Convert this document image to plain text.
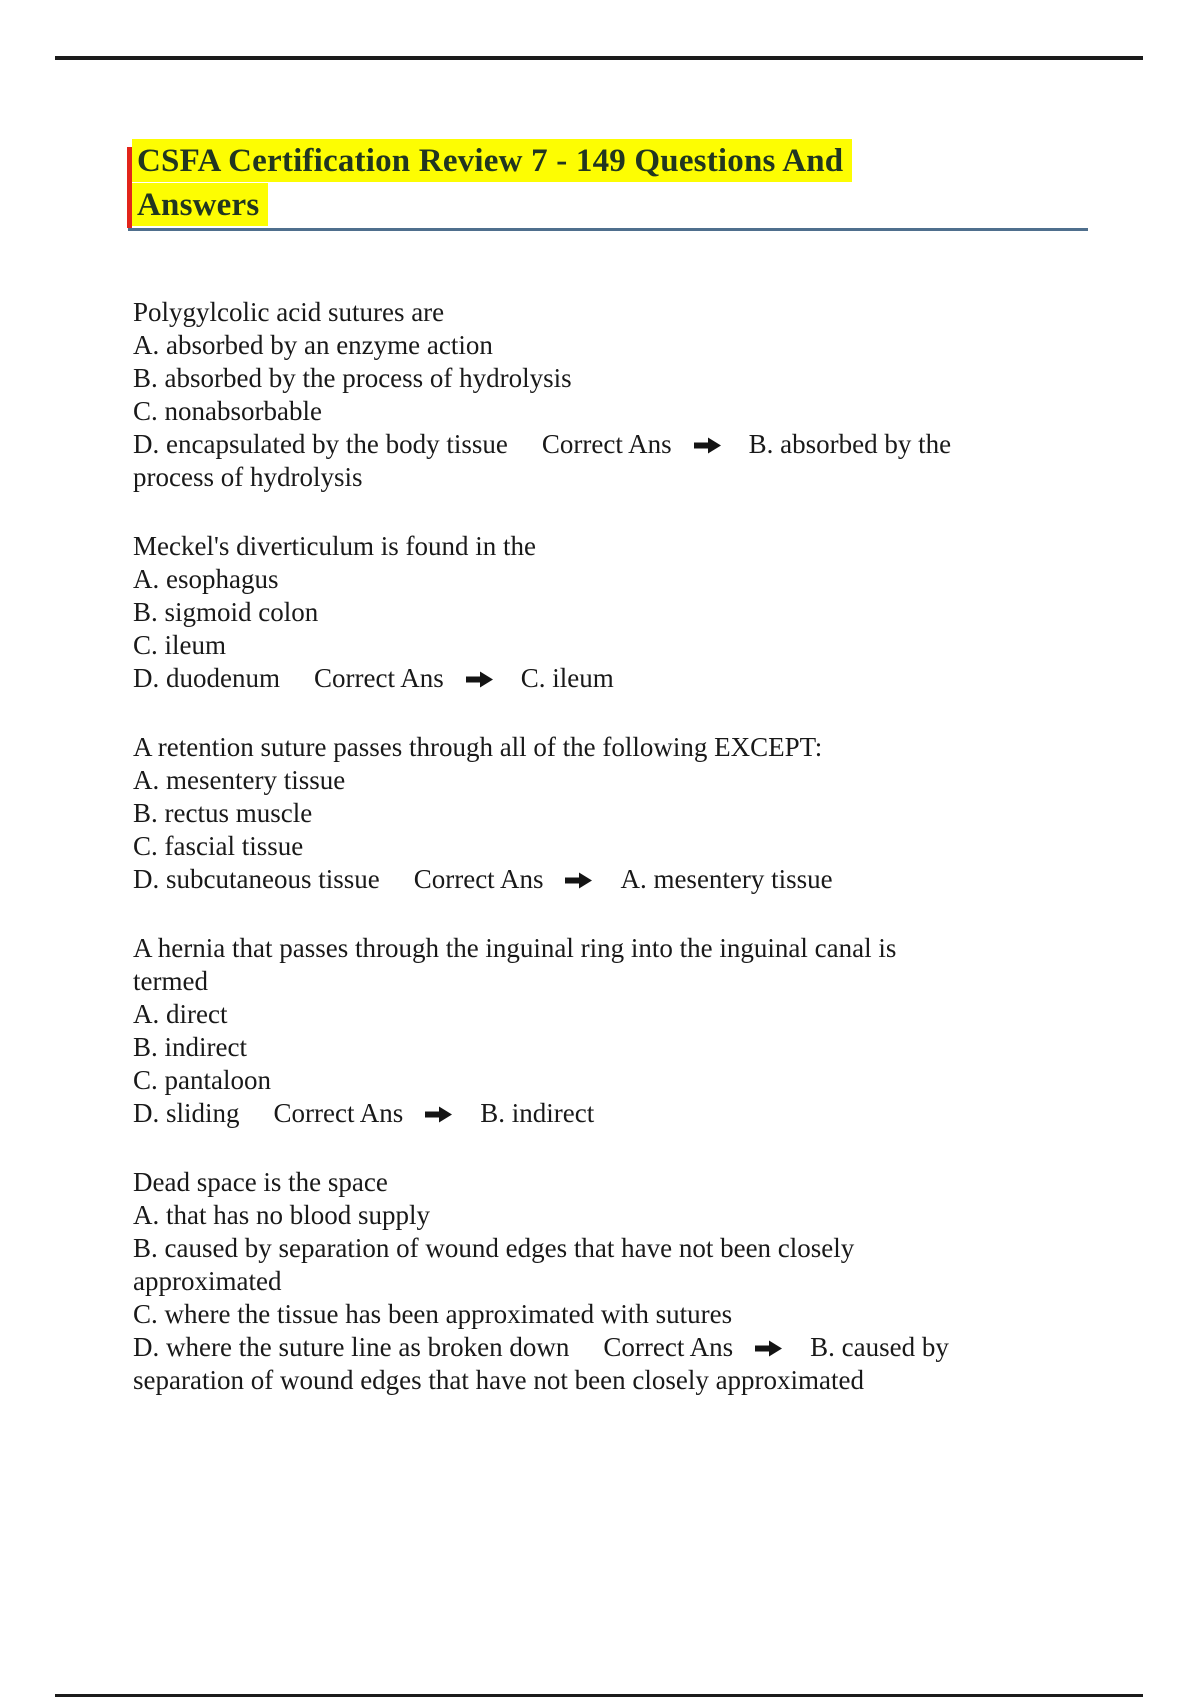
CSFA Certification Review 7 - 149 Questions And
Answers
Polygylcolic acid sutures are
A. absorbed by an enzyme action
B. absorbed by the process of hydrolysis
C. nonabsorbable
D. encapsulated by the body tissue Correct Ans	B. absorbed by the
process of hydrolysis
Meckel's diverticulum is found in the
A. esophagus
B. sigmoid colon
C. ileum
D. duodenum Correct Ans	C. ileum
A retention suture passes through all of the following EXCEPT:
A. mesentery tissue
B. rectus muscle
C. fascial tissue
D. subcutaneous tissue Correct Ans	A. mesentery tissue
A hernia that passes through the inguinal ring into the inguinal canal is
termed
A. direct
B. indirect
C. pantaloon
D. sliding Correct Ans	B. indirect
Dead space is the space
A. that has no blood supply
B. caused by separation of wound edges that have not been closely
approximated
C. where the tissue has been approximated with sutures
D. where the suture line as broken down Correct Ans	B. caused by
separation of wound edges that have not been closely approximated
